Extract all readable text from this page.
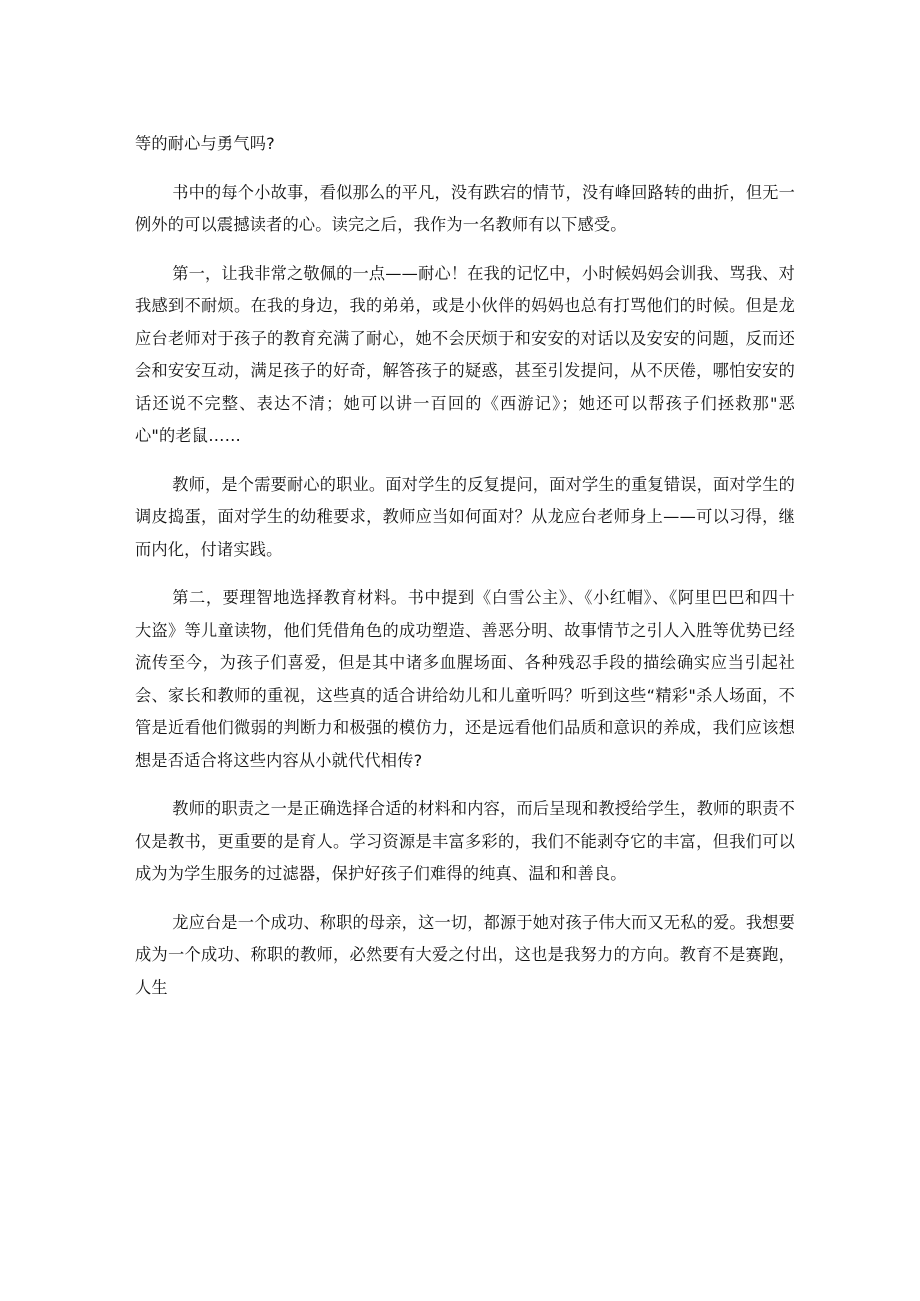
等的耐心与勇气吗?

书中的每个小故事，看似那么的平凡，没有跌宕的情节，没有峰回路转的曲折，但无一例外的可以震撼读者的心。读完之后，我作为一名教师有以下感受。

第一，让我非常之敬佩的一点——耐心！在我的记忆中，小时候妈妈会训我、骂我、对我感到不耐烦。在我的身边，我的弟弟，或是小伙伴的妈妈也总有打骂他们的时候。但是龙应台老师对于孩子的教育充满了耐心，她不会厌烦于和安安的对话以及安安的问题，反而还会和安安互动，满足孩子的好奇，解答孩子的疑惑，甚至引发提问，从不厌倦，哪怕安安的话还说不完整、表达不清；她可以讲一百回的《西游记》；她还可以帮孩子们拯救那"恶心"的老鼠……

教师，是个需要耐心的职业。面对学生的反复提问，面对学生的重复错误，面对学生的调皮捣蛋，面对学生的幼稚要求，教师应当如何面对？从龙应台老师身上——可以习得，继而内化，付诸实践。

第二，要理智地选择教育材料。书中提到《白雪公主》、《小红帽》、《阿里巴巴和四十大盗》等儿童读物，他们凭借角色的成功塑造、善恶分明、故事情节之引人入胜等优势已经流传至今，为孩子们喜爱，但是其中诸多血腥场面、各种残忍手段的描绘确实应当引起社会、家长和教师的重视，这些真的适合讲给幼儿和儿童听吗？听到这些“精彩"杀人场面，不管是近看他们微弱的判断力和极强的模仿力，还是远看他们品质和意识的养成，我们应该想想是否适合将这些内容从小就代代相传?

教师的职责之一是正确选择合适的材料和内容，而后呈现和教授给学生，教师的职责不仅是教书，更重要的是育人。学习资源是丰富多彩的，我们不能剥夺它的丰富，但我们可以成为为学生服务的过滤器，保护好孩子们难得的纯真、温和和善良。

龙应台是一个成功、称职的母亲，这一切，都源于她对孩子伟大而又无私的爱。我想要成为一个成功、称职的教师，必然要有大爱之付出，这也是我努力的方向。教育不是赛跑，人生
